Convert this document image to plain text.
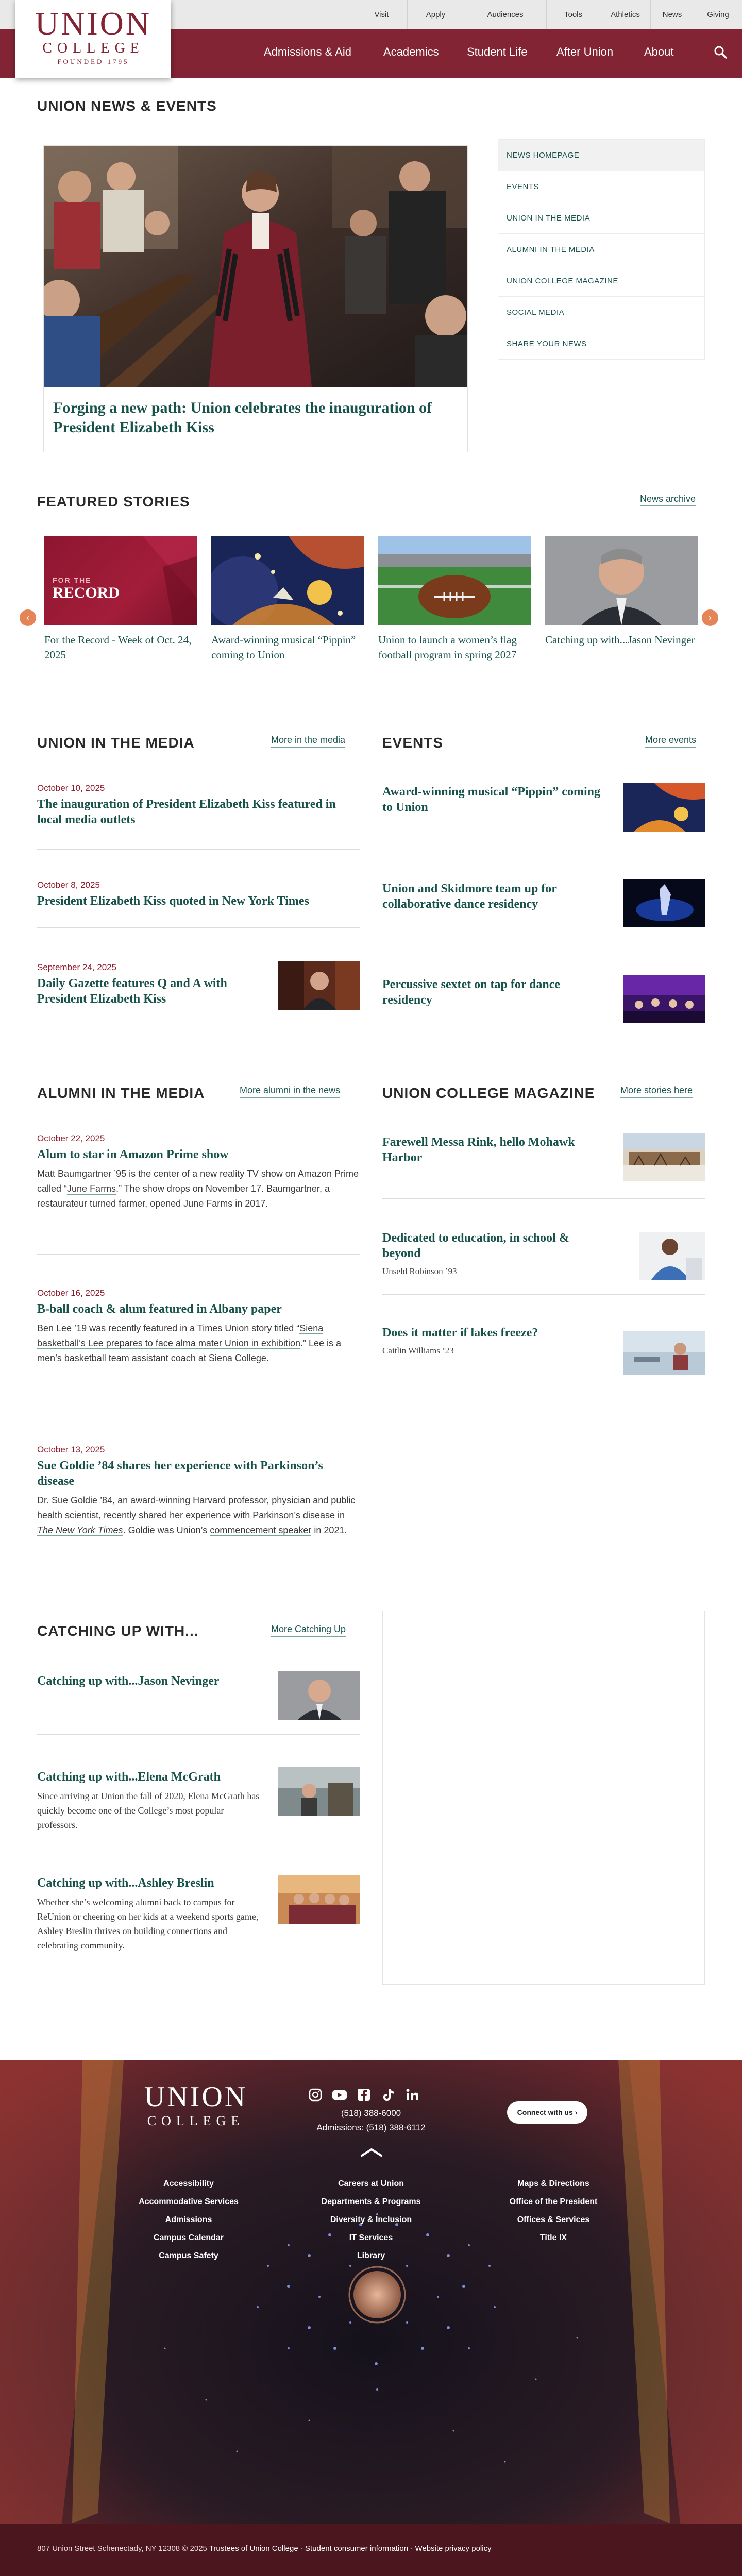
Visit	Apply	Audiences	Tools	Athletics	News	Giving
Admissions & Aid	Academics Student Life	After Union	About
UNION
COLLEGE
FOUNDED 1795
UNION NEWS & EVENTS
Forging a new path: Union celebrates the inauguration of President Elizabeth Kiss
NEWS HOMEPAGE
EVENTS
UNION IN THE MEDIA
ALUMNI IN THE MEDIA
UNION COLLEGE MAGAZINE
SOCIAL MEDIA
SHARE YOUR NEWS
FEATURED STORIES	News archive
‹	›
FOR THE
RECORD
For the Record - Week of Oct. 24, 2025
Award-winning musical “Pippin” coming to Union
Union to launch a women’s flag football program in spring 2027
Catching up with...Jason Nevinger
UNION IN THE MEDIA	More in the media
October 10, 2025
The inauguration of President Elizabeth Kiss featured in local media outlets
October 8, 2025
President Elizabeth Kiss quoted in New York Times
September 24, 2025
Daily Gazette features Q and A with President Elizabeth Kiss
EVENTS	More events
Award-winning musical “Pippin” coming to Union
Union and Skidmore team up for collaborative dance residency
Percussive sextet on tap for dance residency
ALUMNI IN THE MEDIA	More alumni in the news
October 22, 2025
Alum to star in Amazon Prime show
Matt Baumgartner ’95 is the center of a new reality TV show on Amazon Prime called “June Farms.” The show drops on November 17. Baumgartner, a restaurateur turned farmer, opened June Farms in 2017.
October 16, 2025
B-ball coach & alum featured in Albany paper
Ben Lee ’19 was recently featured in a Times Union story titled “Siena basketball’s Lee prepares to face alma mater Union in exhibition.” Lee is a men’s basketball team assistant coach at Siena College.
October 13, 2025
Sue Goldie ’84 shares her experience with Parkinson’s disease
Dr. Sue Goldie ’84, an award-winning Harvard professor, physician and public health scientist, recently shared her experience with Parkinson’s disease in The New York Times. Goldie was Union’s commencement speaker in 2021.
UNION COLLEGE MAGAZINE	More stories here
Farewell Messa Rink, hello Mohawk Harbor
Dedicated to education, in school & beyond
Unseld Robinson ’93
Does it matter if lakes freeze?
Caitlin Williams ’23
CATCHING UP WITH...	More Catching Up
Catching up with...Jason Nevinger
Catching up with...Elena McGrath
Since arriving at Union the fall of 2020, Elena McGrath has quickly become one of the College’s most popular professors.
Catching up with...Ashley Breslin
Whether she’s welcoming alumni back to campus for ReUnion or cheering on her kids at a weekend sports game, Ashley Breslin thrives on building connections and celebrating community.
UNION
COLLEGE
(518) 388-6000
Admissions: (518) 388-6112
Connect with us ›
Accessibility
Accommodative Services
Admissions
Campus Calendar
Campus Safety
Careers at Union
Departments & Programs
Diversity & Inclusion
IT Services
Library
Maps & Directions
Office of the President
Offices & Services
Title IX
807 Union Street Schenectady, NY 12308 © 2025 Trustees of Union College · Student consumer information · Website privacy policy
